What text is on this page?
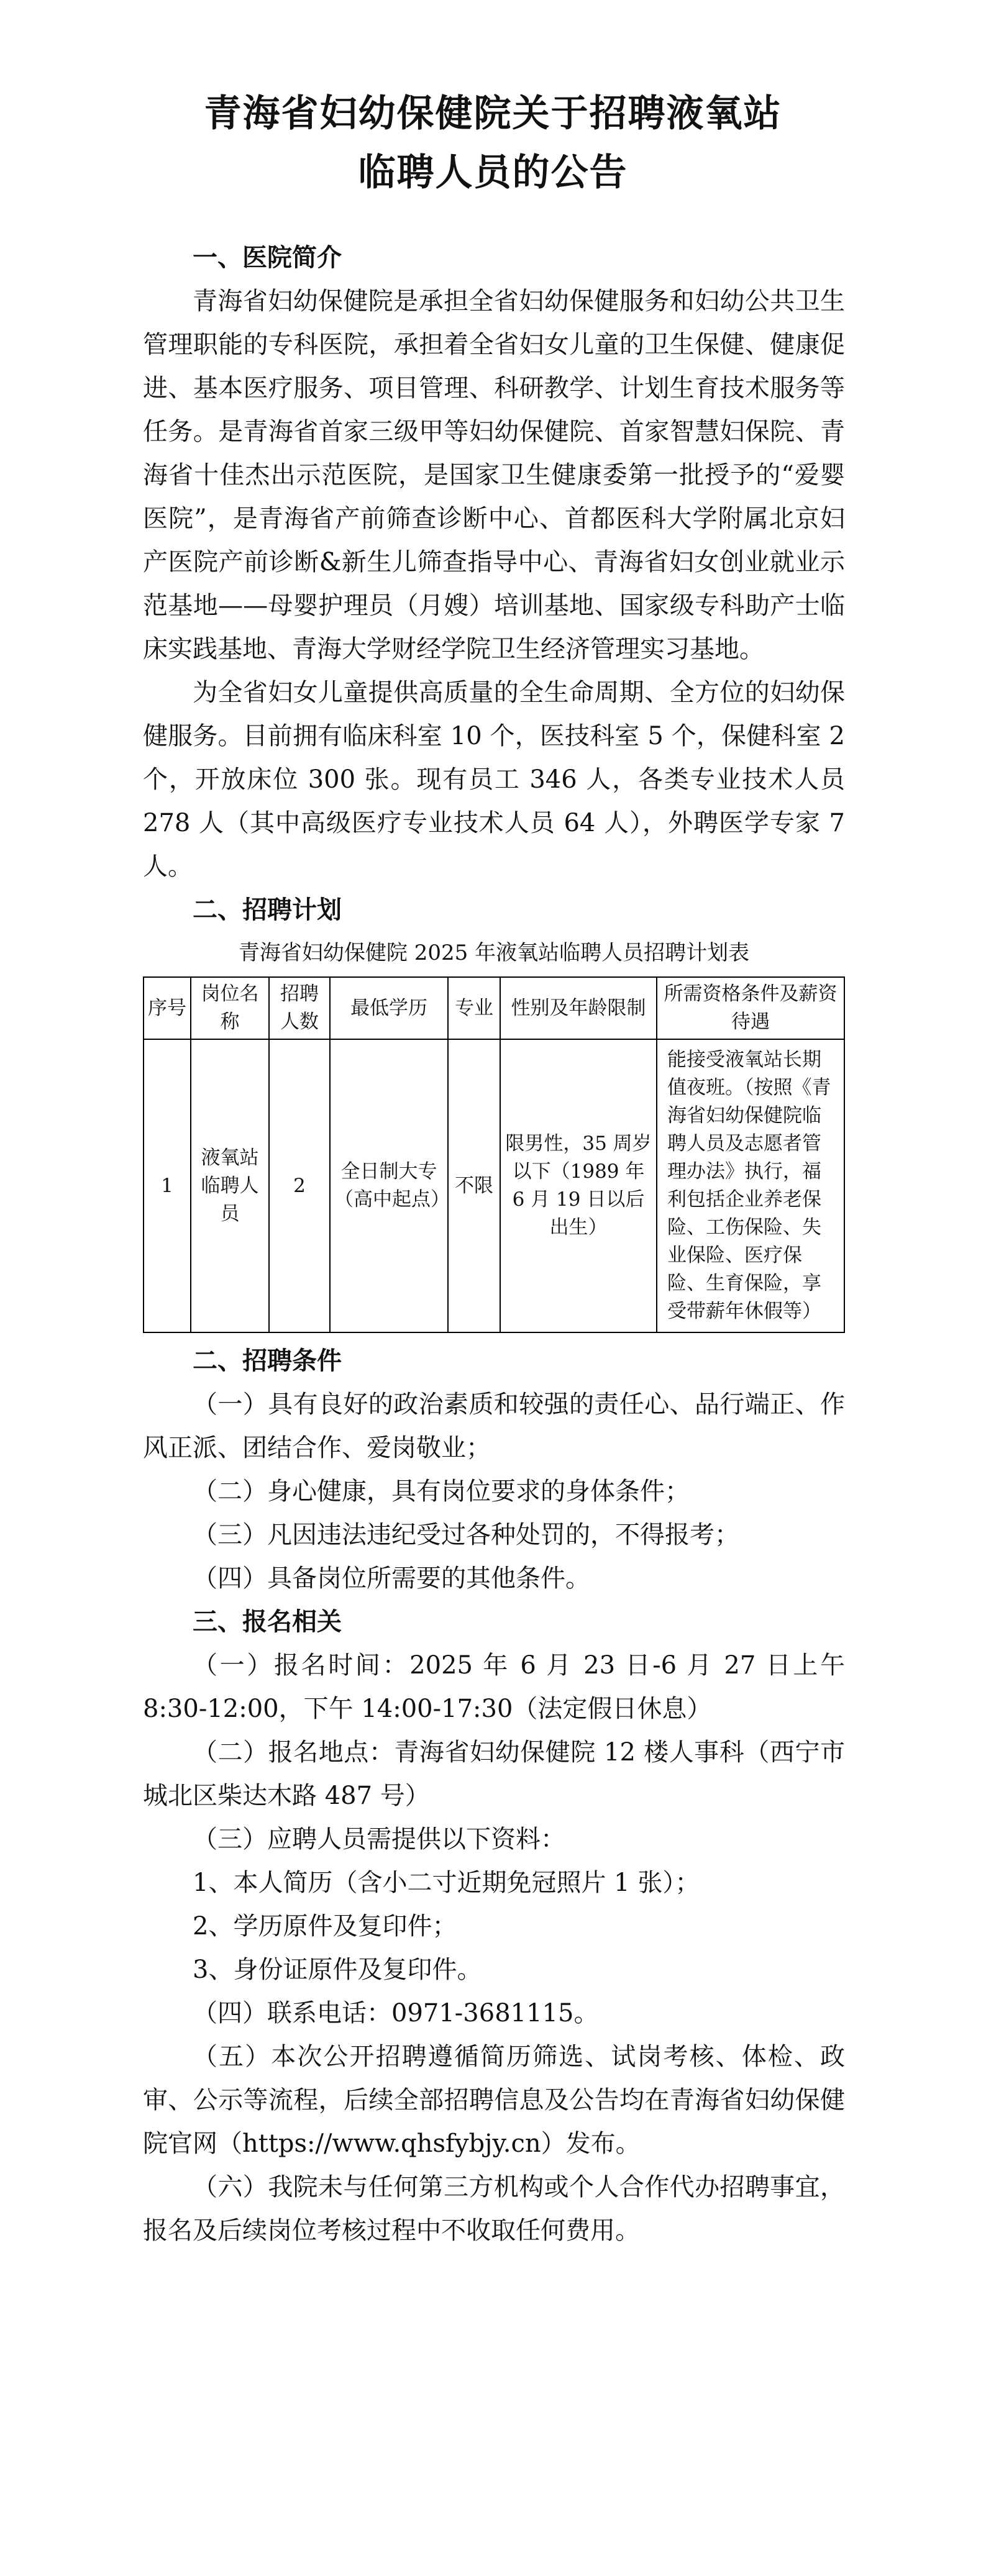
青海省妇幼保健院关于招聘液氧站
临聘人员的公告

一、医院简介

青海省妇幼保健院是承担全省妇幼保健服务和妇幼公共卫生管理职能的专科医院，承担着全省妇女儿童的卫生保健、健康促进、基本医疗服务、项目管理、科研教学、计划生育技术服务等任务。是青海省首家三级甲等妇幼保健院、首家智慧妇保院、青海省十佳杰出示范医院，是国家卫生健康委第一批授予的“爱婴医院”，是青海省产前筛查诊断中心、首都医科大学附属北京妇产医院产前诊断&新生儿筛查指导中心、青海省妇女创业就业示范基地——母婴护理员（月嫂）培训基地、国家级专科助产士临床实践基地、青海大学财经学院卫生经济管理实习基地。

为全省妇女儿童提供高质量的全生命周期、全方位的妇幼保健服务。目前拥有临床科室 10 个，医技科室 5 个，保健科室 2 个，开放床位 300 张。现有员工 346 人，各类专业技术人员 278 人（其中高级医疗专业技术人员 64 人），外聘医学专家 7 人。

二、招聘计划

青海省妇幼保健院 2025 年液氧站临聘人员招聘计划表
序号	岗位名称	招聘人数	最低学历	专业	性别及年龄限制	所需资格条件及薪资待遇
1	液氧站临聘人员	2	全日制大专（高中起点）	不限	限男性，35 周岁以下（1989 年 6 月 19 日以后出生）	能接受液氧站长期值夜班。（按照《青海省妇幼保健院临聘人员及志愿者管理办法》执行，福利包括企业养老保险、工伤保险、失业保险、医疗保险、生育保险，享受带薪年休假等）

二、招聘条件

（一）具有良好的政治素质和较强的责任心、品行端正、作风正派、团结合作、爱岗敬业；

（二）身心健康，具有岗位要求的身体条件；

（三）凡因违法违纪受过各种处罚的，不得报考；

（四）具备岗位所需要的其他条件。

三、报名相关

（一）报名时间：2025 年 6 月 23 日-6 月 27 日上午 8:30-12:00，下午 14:00-17:30（法定假日休息）

（二）报名地点：青海省妇幼保健院 12 楼人事科（西宁市城北区柴达木路 487 号）

（三）应聘人员需提供以下资料：

1、本人简历（含小二寸近期免冠照片 1 张）；

2、学历原件及复印件；

3、身份证原件及复印件。

（四）联系电话：0971-3681115。

（五）本次公开招聘遵循简历筛选、试岗考核、体检、政审、公示等流程，后续全部招聘信息及公告均在青海省妇幼保健院官网（https://www.qhsfybjy.cn）发布。

（六）我院未与任何第三方机构或个人合作代办招聘事宜，报名及后续岗位考核过程中不收取任何费用。
